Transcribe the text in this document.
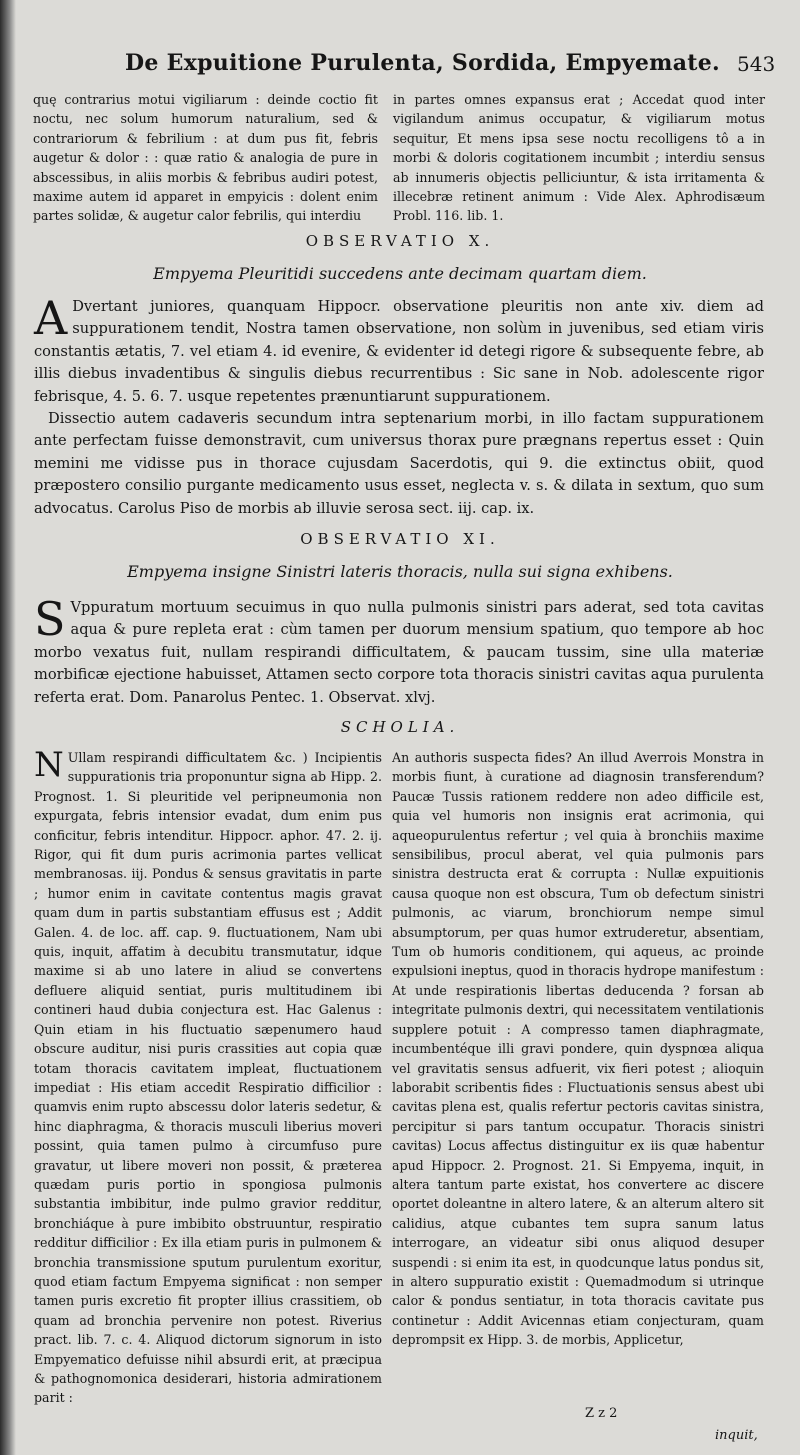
De Expuitione Purulenta, Sordida, Empyemate. 543
quę contrarius motui vigiliarum : deinde coctio fit noctu, nec solum humorum naturalium, sed & contrariorum & febrilium : at dum pus fit, febris augetur & dolor : : quæ ratio & analogia de pure in abscessibus, in aliis morbis & febribus audiri potest, maxime autem id apparet in empyicis : dolent enim partes solidæ, & augetur calor febrilis, qui interdiu
in partes omnes expansus erat ; Accedat quod inter vigilandum animus occupatur, & vigiliarum motus sequitur, Et mens ipsa sese noctu recolligens tô a in morbi & doloris cogitationem incumbit ; interdiu sensus ab innumeris objectis pelliciuntur, & ista irritamenta & illecebræ retinent animum : Vide Alex. Aphrodisæum Probl. 116. lib. 1.
OBSERVATIO X.
Empyema Pleuritidi succedens ante decimam quartam diem.
A Dvertant juniores, quanquam Hippocr. observatione pleuritis non ante xiv. diem ad suppurationem tendit, Nostra tamen observatione, non solùm in juvenibus, sed etiam viris constantis ætatis, 7. vel etiam 4. id evenire, & evidenter id detegi rigore & subsequente febre, ab illis diebus invadentibus & singulis diebus recurrentibus : Sic sane in Nob. adolescente rigor febrisque, 4. 5. 6. 7. usque repetentes prænuntiarunt suppurationem.
Dissectio autem cadaveris secundum intra septenarium morbi, in illo factam suppurationem ante perfectam fuisse demonstravit, cum universus thorax pure prægnans repertus esset : Quin memini me vidisse pus in thorace cujusdam Sacerdotis, qui 9. die extinctus obiit, quod præpostero consilio purgante medicamento usus esset, neglecta v. s. & dilata in sextum, quo sum advocatus. Carolus Piso de morbis ab illuvie serosa sect. iij. cap. ix.
OBSERVATIO XI.
Empyema insigne Sinistri lateris thoracis, nulla sui signa exhibens.
S Vppuratum mortuum secuimus in quo nulla pulmonis sinistri pars aderat, sed tota cavitas aqua & pure repleta erat : cùm tamen per duorum mensium spatium, quo tempore ab hoc morbo vexatus fuit, nullam respirandi difficultatem, & paucam tussim, sine ulla materiæ morbificæ ejectione habuisset, Attamen secto corpore tota thoracis sinistri cavitas aqua purulenta referta erat. Dom. Panarolus Pentec. 1. Observat. xlvj.
SCHOLIA.
N Ullam respirandi difficultatem &c. ) Incipientis suppurationis tria proponuntur signa ab Hipp. 2. Prognost. 1. Si pleuritide vel peripneumonia non expurgata, febris intensior evadat, dum enim pus conficitur, febris intenditur. Hippocr. aphor. 47. 2. ij. Rigor, qui fit dum puris acrimonia partes vellicat membranosas. iij. Pondus & sensus gravitatis in parte ; humor enim in cavitate contentus magis gravat quam dum in partis substantiam effusus est ; Addit Galen. 4. de loc. aff. cap. 9. fluctuationem, Nam ubi quis, inquit, affatim à decubitu transmutatur, idque maxime si ab uno latere in aliud se convertens defluere aliquid sentiat, puris multitudinem ibi contineri haud dubia conjectura est. Hac Galenus : Quin etiam in his fluctuatio sæpenumero haud obscure auditur, nisi puris crassities aut copia quæ totam thoracis cavitatem impleat, fluctuationem impediat : His etiam accedit Respiratio difficilior : quamvis enim rupto abscessu dolor lateris sedetur, & hinc diaphragma, & thoracis musculi liberius moveri possint, quia tamen pulmo à circumfuso pure gravatur, ut libere moveri non possit, & præterea quædam puris portio in spongiosa pulmonis substantia imbibitur, inde pulmo gravior redditur, bronchiáque à pure imbibito obstruuntur, respiratio redditur difficilior : Ex illa etiam puris in pulmonem & bronchia transmissione sputum purulentum exoritur, quod etiam factum Empyema significat : non semper tamen puris excretio fit propter illius crassitiem, ob quam ad bronchia pervenire non potest. Riverius pract. lib. 7. c. 4. Aliquod dictorum signorum in isto Empyematico defuisse nihil absurdi erit, at præcipua & pathognomonica desiderari, historia admirationem parit :
An authoris suspecta fides? An illud Averrois Monstra in morbis fiunt, à curatione ad diagnosin transferendum? Paucæ Tussis rationem reddere non adeo difficile est, quia vel humoris non insignis erat acrimonia, qui aqueopurulentus refertur ; vel quia à bronchiis maxime sensibilibus, procul aberat, vel quia pulmonis pars sinistra destructa erat & corrupta : Nullæ expuitionis causa quoque non est obscura, Tum ob defectum sinistri pulmonis, ac viarum, bronchiorum nempe simul absumptorum, per quas humor extruderetur, absentiam, Tum ob humoris conditionem, qui aqueus, ac proinde expulsioni ineptus, quod in thoracis hydrope manifestum : At unde respirationis libertas deducenda ? forsan ab integritate pulmonis dextri, qui necessitatem ventilationis supplere potuit : A compresso tamen diaphragmate, incumbentéque illi gravi pondere, quin dyspnœa aliqua vel gravitatis sensus adfuerit, vix fieri potest ; alioquin laborabit scribentis fides : Fluctuationis sensus abest ubi cavitas plena est, qualis refertur pectoris cavitas sinistra, percipitur si pars tantum occupatur. Thoracis sinistri cavitas) Locus affectus distinguitur ex iis quæ habentur apud Hippocr. 2. Prognost. 21. Si Empyema, inquit, in altera tantum parte existat, hos convertere ac discere oportet doleantne in altero latere, & an alterum altero sit calidius, atque cubantes tem supra sanum latus interrogare, an videatur sibi onus aliquod desuper suspendi : si enim ita est, in quodcunque latus pondus sit, in altero suppuratio existit : Quemadmodum si utrinque calor & pondus sentiatur, in tota thoracis cavitate pus continetur : Addit Avicennas etiam conjecturam, quam deprompsit ex Hipp. 3. de morbis, Applicetur,
Z z 2
inquit,
